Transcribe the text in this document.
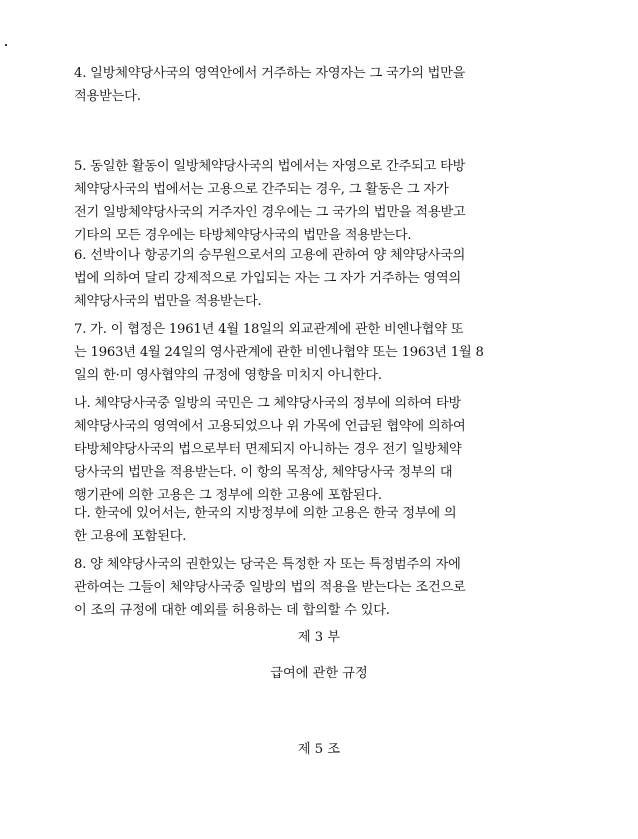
4. 일방체약당사국의 영역안에서 거주하는 자영자는 그 국가의 법만을
적용받는다.

5. 동일한 활동이 일방체약당사국의 법에서는 자영으로 간주되고 타방
체약당사국의 법에서는 고용으로 간주되는 경우, 그 활동은 그 자가
전기 일방체약당사국의 거주자인 경우에는 그 국가의 법만을 적용받고
기타의 모든 경우에는 타방체약당사국의 법만을 적용받는다.

6. 선박이나 항공기의 승무원으로서의 고용에 관하여 양 체약당사국의
법에 의하여 달리 강제적으로 가입되는 자는 그 자가 거주하는 영역의
체약당사국의 법만을 적용받는다.

7. 가. 이 협정은 1961년 4월 18일의 외교관계에 관한 비엔나협약 또
는 1963년 4월 24일의 영사관계에 관한 비엔나협약 또는 1963년 1월 8
일의 한·미 영사협약의 규정에 영향을 미치지 아니한다.

나. 체약당사국중 일방의 국민은 그 체약당사국의 정부에 의하여 타방
체약당사국의 영역에서 고용되었으나 위 가목에 언급된 협약에 의하여
타방체약당사국의 법으로부터 면제되지 아니하는 경우 전기 일방체약
당사국의 법만을 적용받는다. 이 항의 목적상, 체약당사국 정부의 대
행기관에 의한 고용은 그 정부에 의한 고용에 포함된다.

다. 한국에 있어서는, 한국의 지방정부에 의한 고용은 한국 정부에 의
한 고용에 포함된다.

8. 양 체약당사국의 권한있는 당국은 특정한 자 또는 특정범주의 자에
관하여는 그들이 체약당사국중 일방의 법의 적용을 받는다는 조건으로
이 조의 규정에 대한 예외를 허용하는 데 합의할 수 있다.

제 3 부

급여에 관한 규정

제 5 조
